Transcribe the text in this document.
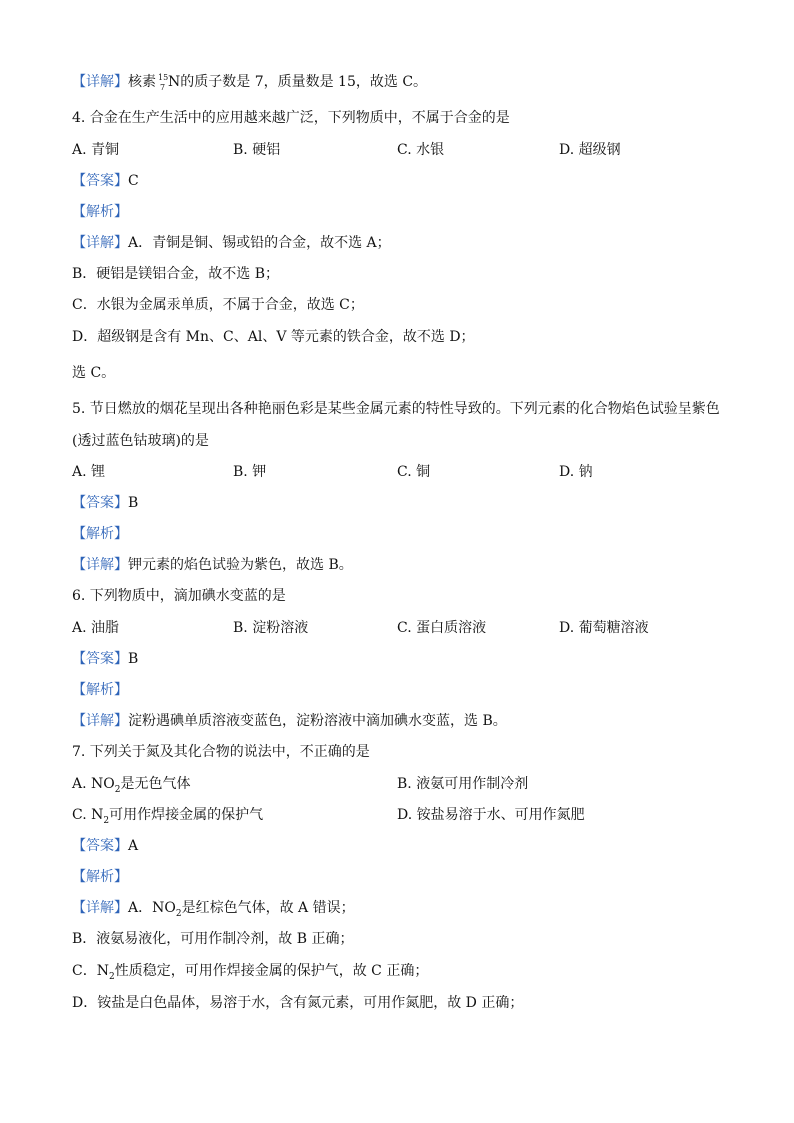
【详解】核素 15
7 N的质子数是 7，质量数是 15，故选 C。
4. 合金在生产生活中的应用越来越广泛，下列物质中，不属于合金的是
A. 青铜	B. 硬铝	C. 水银	D. 超级钢
【答案】C
【解析】
【详解】A．青铜是铜、锡或铅的合金，故不选 A；
B．硬铝是镁铝合金，故不选 B；
C．水银为金属汞单质，不属于合金，故选 C；
D．超级钢是含有 Mn、C、Al、V 等元素的铁合金，故不选 D；
选 C。
5. 节日燃放的烟花呈现出各种艳丽色彩是某些金属元素的特性导致的。下列元素的化合物焰色试验呈紫色
(透过蓝色钴玻璃)的是
A. 锂	B. 钾	C. 铜	D. 钠
【答案】B
【解析】
【详解】钾元素的焰色试验为紫色，故选 B。
6. 下列物质中，滴加碘水变蓝的是
A. 油脂	B. 淀粉溶液	C. 蛋白质溶液	D. 葡萄糖溶液
【答案】B
【解析】
【详解】淀粉遇碘单质溶液变蓝色，淀粉溶液中滴加碘水变蓝，选 B。
7. 下列关于氮及其化合物的说法中，不正确的是
A. $NO_2$是无色气体	B. 液氨可用作制冷剂
C. $N_2$可用作焊接金属的保护气	D. 铵盐易溶于水、可用作氮肥
【答案】A
【解析】
【详解】A．$NO_2$是红棕色气体，故 A 错误；
B．液氨易液化，可用作制冷剂，故 B 正确；
C．$N_2$性质稳定，可用作焊接金属的保护气，故 C 正确；
D．铵盐是白色晶体，易溶于水，含有氮元素，可用作氮肥，故 D 正确；
